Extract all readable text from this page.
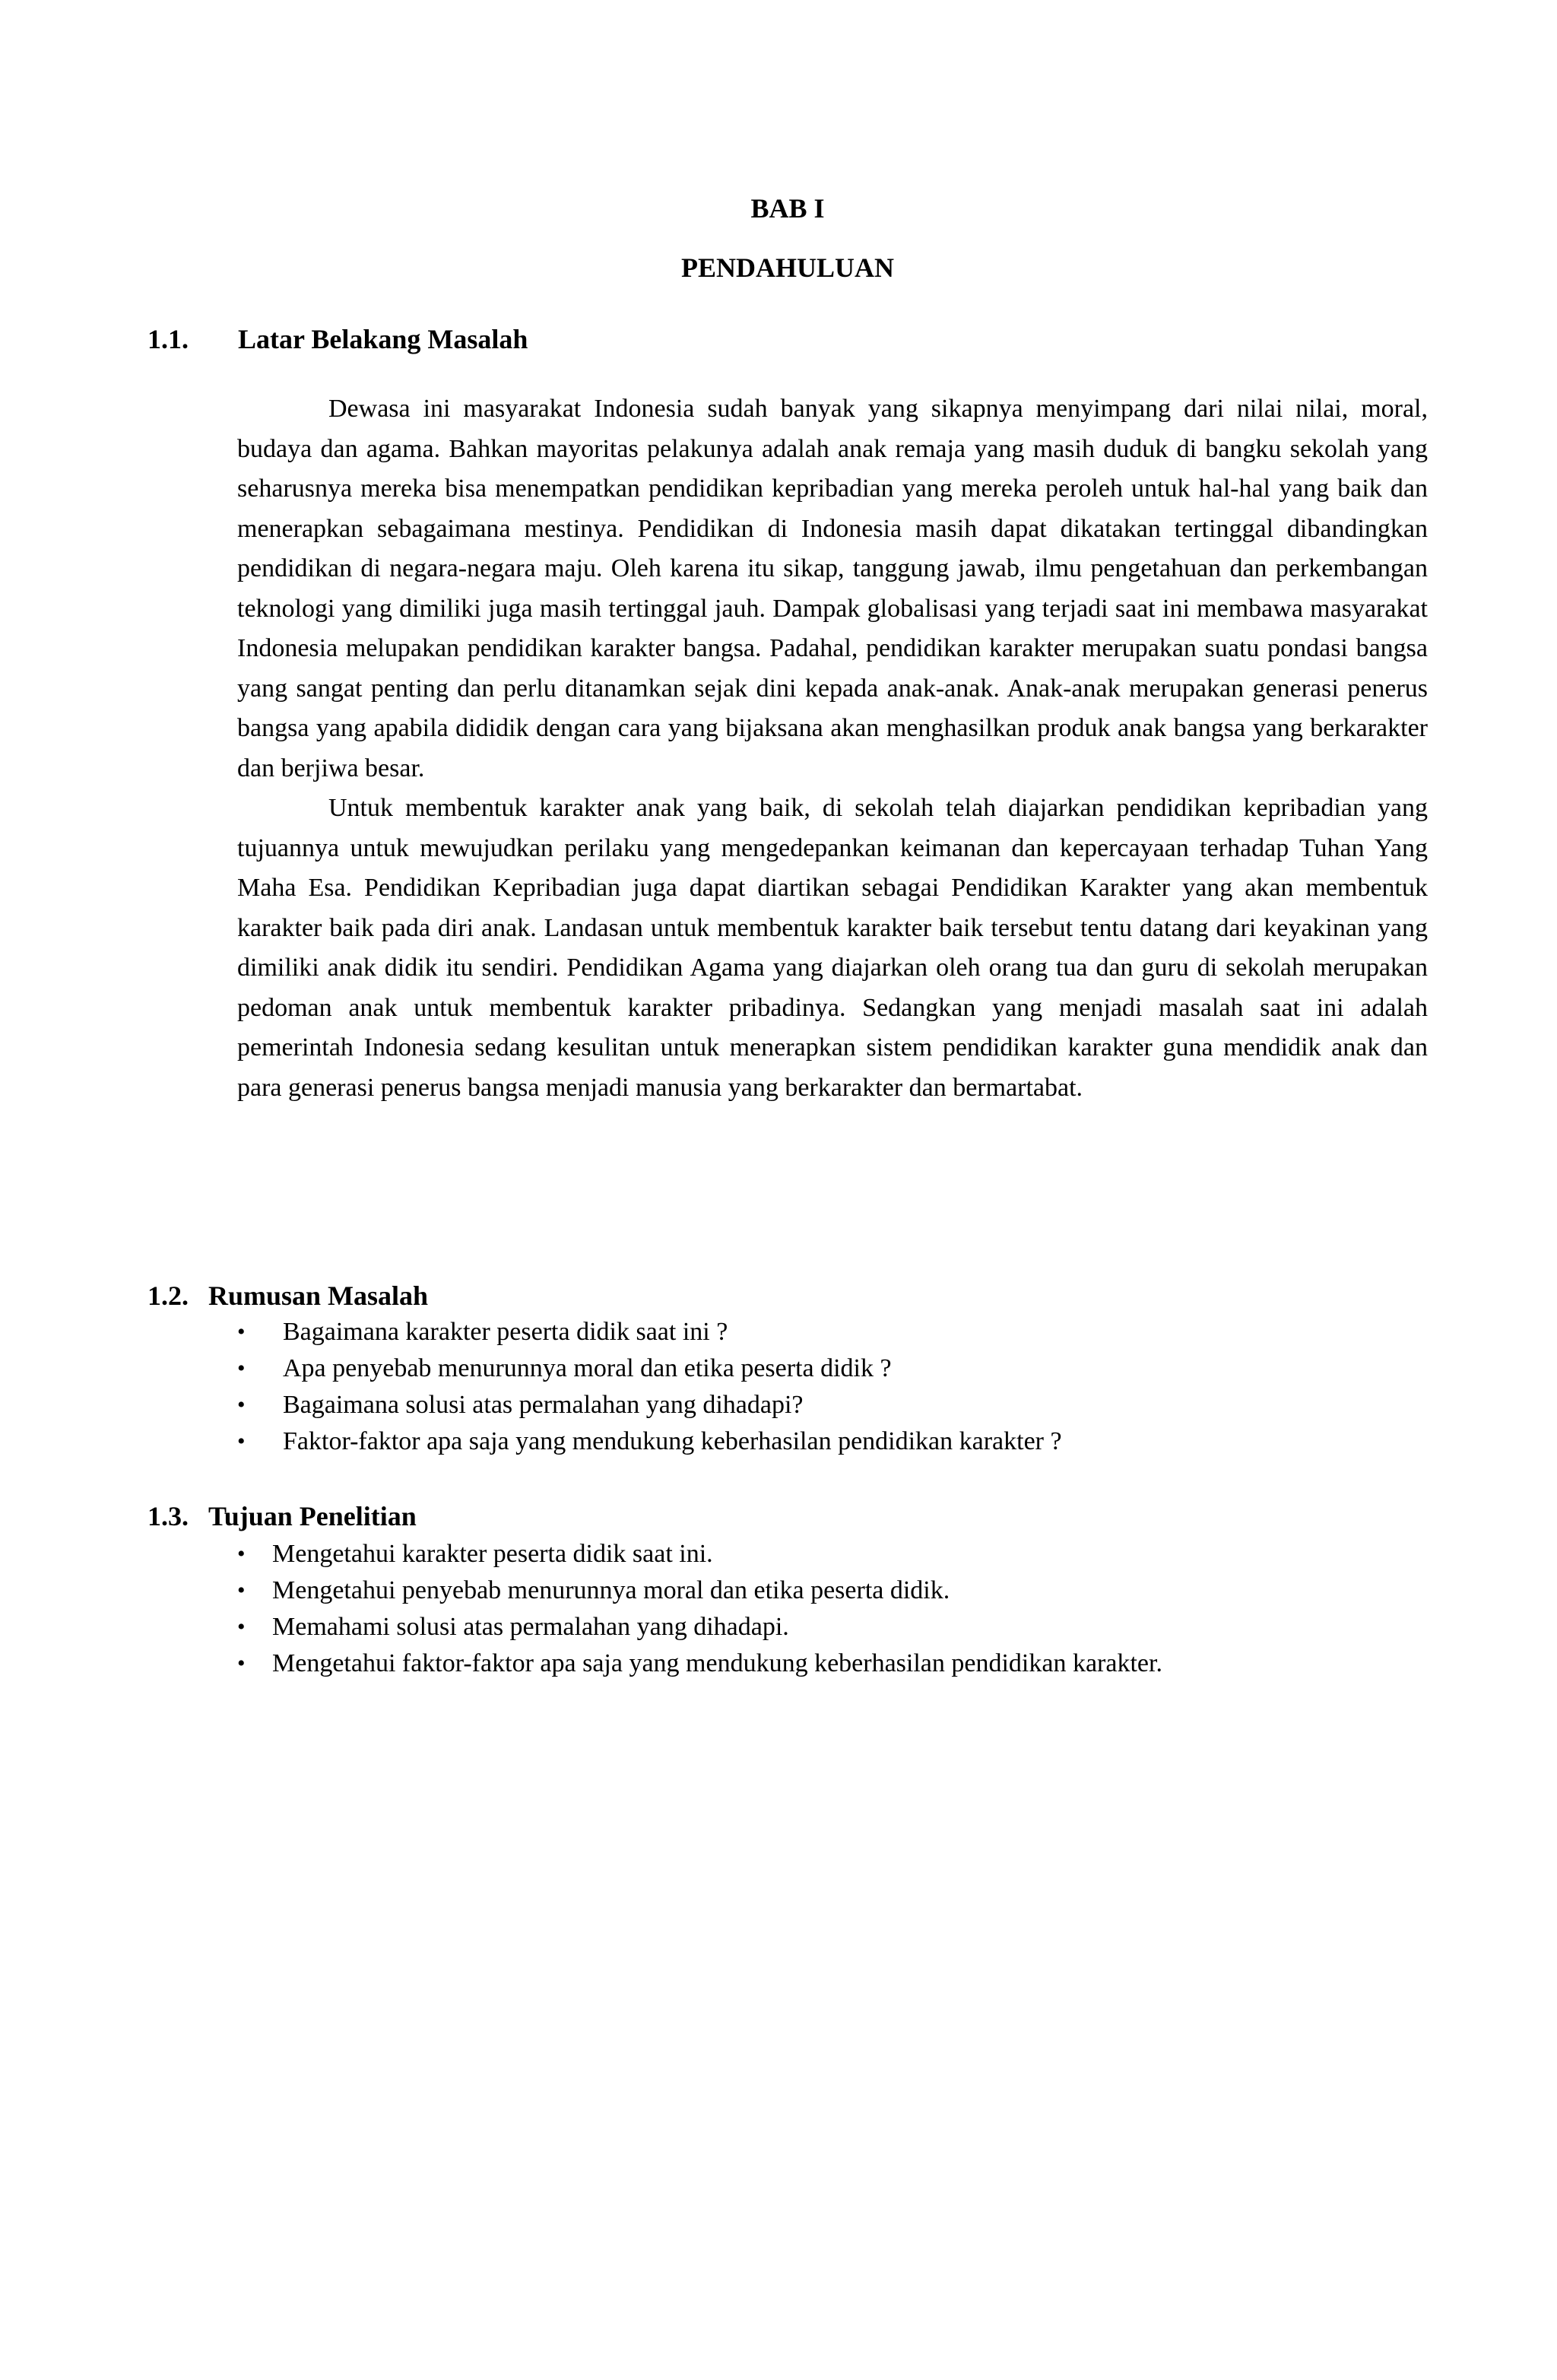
BAB I
PENDAHULUAN
1.1. Latar Belakang Masalah

Dewasa ini masyarakat Indonesia sudah banyak yang sikapnya menyimpang dari nilai nilai, moral, budaya dan agama. Bahkan mayoritas pelakunya adalah anak remaja yang masih duduk di bangku sekolah yang seharusnya mereka bisa menempatkan pendidikan kepribadian yang mereka peroleh untuk hal-hal yang baik dan menerapkan sebagaimana mestinya. Pendidikan di Indonesia masih dapat dikatakan tertinggal dibandingkan pendidikan di negara-negara maju. Oleh karena itu sikap, tanggung jawab, ilmu pengetahuan dan perkembangan teknologi yang dimiliki juga masih tertinggal jauh. Dampak globalisasi yang terjadi saat ini membawa masyarakat Indonesia melupakan pendidikan karakter bangsa. Padahal, pendidikan karakter merupakan suatu pondasi bangsa yang sangat penting dan perlu ditanamkan sejak dini kepada anak-anak. Anak-anak merupakan generasi penerus bangsa yang apabila dididik dengan cara yang bijaksana akan menghasilkan produk anak bangsa yang berkarakter dan berjiwa besar.

Untuk membentuk karakter anak yang baik, di sekolah telah diajarkan pendidikan kepribadian yang tujuannya untuk mewujudkan perilaku yang mengedepankan keimanan dan kepercayaan terhadap Tuhan Yang Maha Esa. Pendidikan Kepribadian juga dapat diartikan sebagai Pendidikan Karakter yang akan membentuk karakter baik pada diri anak. Landasan untuk membentuk karakter baik tersebut tentu datang dari keyakinan yang dimiliki anak didik itu sendiri. Pendidikan Agama yang diajarkan oleh orang tua dan guru di sekolah merupakan pedoman anak untuk membentuk karakter pribadinya. Sedangkan yang menjadi masalah saat ini adalah pemerintah Indonesia sedang kesulitan untuk menerapkan sistem pendidikan karakter guna mendidik anak dan para generasi penerus bangsa menjadi manusia yang berkarakter dan bermartabat.

1.2. Rumusan Masalah
• Bagaimana karakter peserta didik saat ini ?
• Apa penyebab menurunnya moral dan etika peserta didik ?
• Bagaimana solusi atas permalahan yang dihadapi?
• Faktor-faktor apa saja yang mendukung keberhasilan pendidikan karakter ?
1.3. Tujuan Penelitian
• Mengetahui karakter peserta didik saat ini.
• Mengetahui penyebab menurunnya moral dan etika peserta didik.
• Memahami solusi atas permalahan yang dihadapi.
• Mengetahui faktor-faktor apa saja yang mendukung keberhasilan pendidikan karakter.
